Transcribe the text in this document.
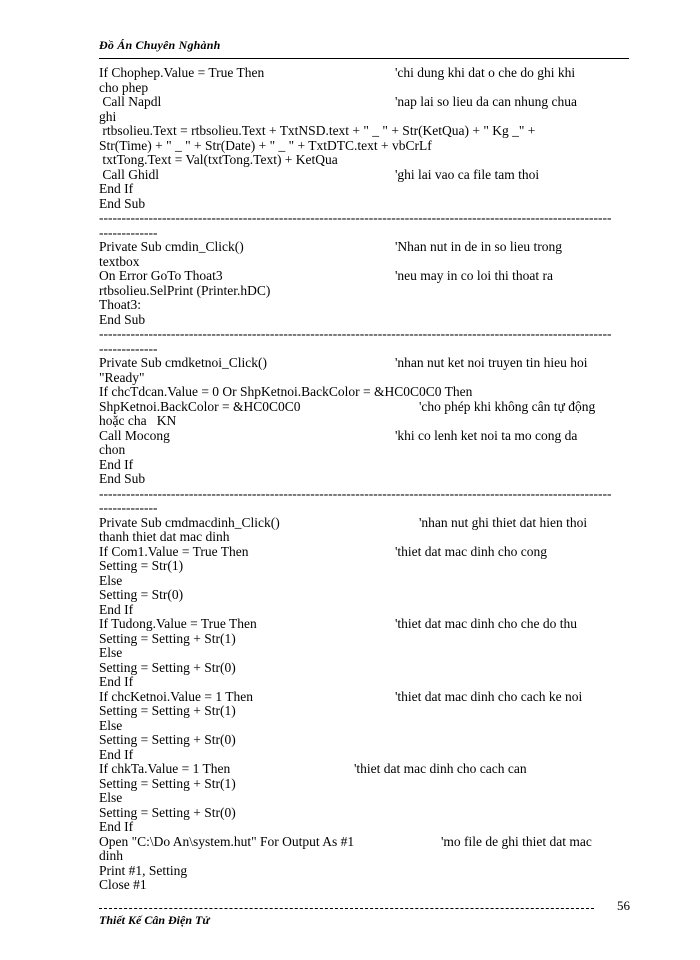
Đồ Án Chuyên Nghành
If Chophep.Value = True Then	'chi dung khi dat o che do ghi khi
cho phep
Call Napdl	'nap lai so lieu da can nhung chua
ghi
rtbsolieu.Text = rtbsolieu.Text + TxtNSD.text + " _ " + Str(KetQua) + " Kg _" +
Str(Time) + " _ " + Str(Date) + " _ " + TxtDTC.text + vbCrLf
txtTong.Text = Val(txtTong.Text) + KetQua
Call Ghidl	'ghi lai vao ca file tam thoi
End If
End Sub
------------------------------------------------------------------------------------------------------------------
-------------
Private Sub cmdin_Click()	'Nhan nut in de in so lieu trong
textbox
On Error GoTo Thoat3	'neu may in co loi thi thoat ra
rtbsolieu.SelPrint (Printer.hDC)
Thoat3:
End Sub
------------------------------------------------------------------------------------------------------------------
-------------
Private Sub cmdketnoi_Click()	'nhan nut ket noi truyen tin hieu hoi
"Ready"
If chcTdcan.Value = 0 Or ShpKetnoi.BackColor = &HC0C0C0 Then
ShpKetnoi.BackColor = &HC0C0C0	'cho phép khi không cân tự động
hoặc cha   KN
Call Mocong	'khi co lenh ket noi ta mo cong da
chon
End If
End Sub
------------------------------------------------------------------------------------------------------------------
-------------
Private Sub cmdmacdinh_Click()	'nhan nut ghi thiet dat hien thoi
thanh thiet dat mac dinh
If Com1.Value = True Then	'thiet dat mac dinh cho cong
Setting = Str(1)
Else
Setting = Str(0)
End If
If Tudong.Value = True Then	'thiet dat mac dinh cho che do thu
Setting = Setting + Str(1)
Else
Setting = Setting + Str(0)
End If
If chcKetnoi.Value = 1 Then	'thiet dat mac dinh cho cach ke noi
Setting = Setting + Str(1)
Else
Setting = Setting + Str(0)
End If
If chkTa.Value = 1 Then	'thiet dat mac dinh cho cach can
Setting = Setting + Str(1)
Else
Setting = Setting + Str(0)
End If
Open "C:\Do An\system.hut" For Output As #1	'mo file de ghi thiet dat mac
dinh
Print #1, Setting
Close #1
56
Thiết Kế Cân Điện Tử
